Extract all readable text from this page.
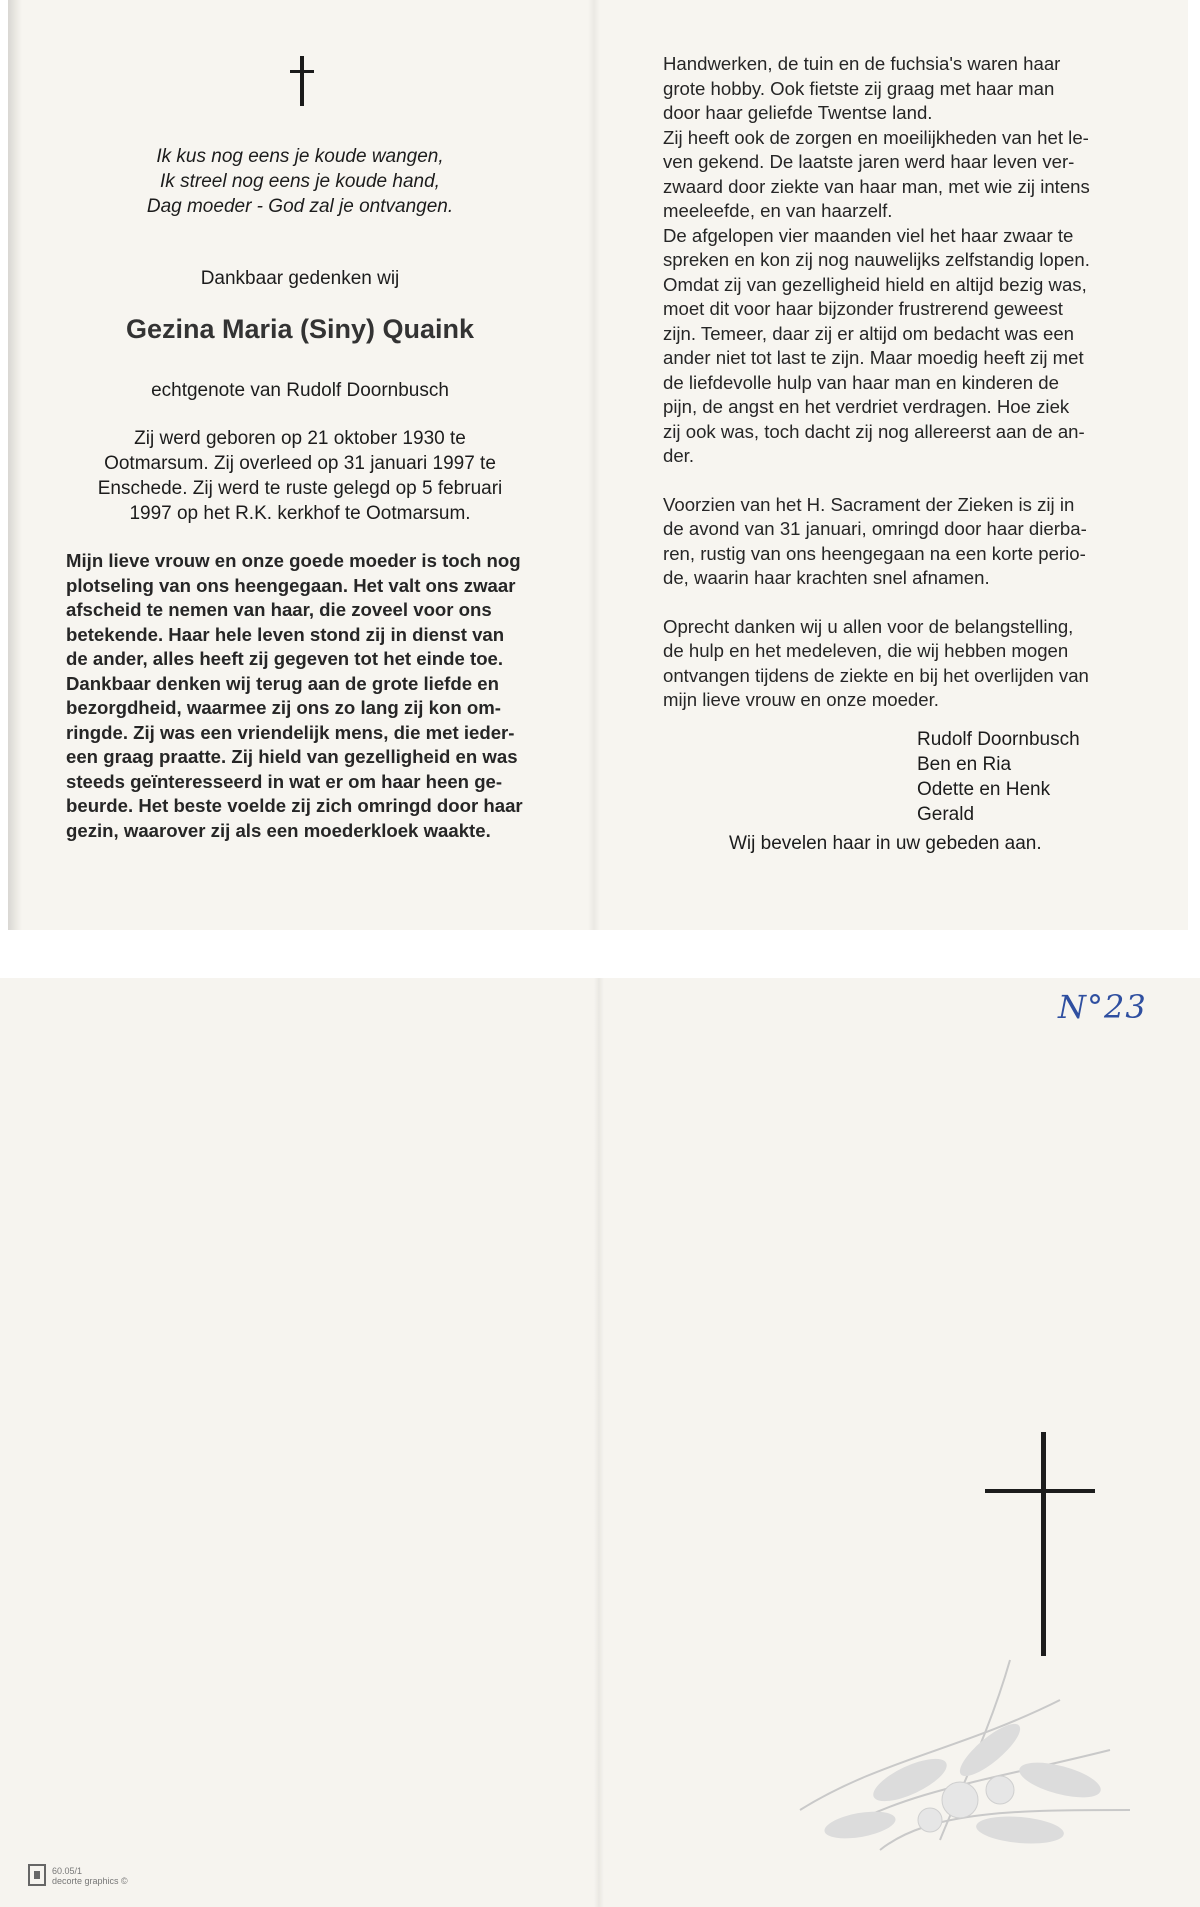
Ik kus nog eens je koude wangen,
Ik streel nog eens je koude hand,
Dag moeder - God zal je ontvangen.
Dankbaar gedenken wij
Gezina Maria (Siny) Quaink
echtgenote van Rudolf Doornbusch
Zij werd geboren op 21 oktober 1930 te
Ootmarsum. Zij overleed op 31 januari 1997 te
Enschede. Zij werd te ruste gelegd op 5 februari
1997 op het R.K. kerkhof te Ootmarsum.
Mijn lieve vrouw en onze goede moeder is toch nog
plotseling van ons heengegaan. Het valt ons zwaar
afscheid te nemen van haar, die zoveel voor ons
betekende. Haar hele leven stond zij in dienst van
de ander, alles heeft zij gegeven tot het einde toe.
Dankbaar denken wij terug aan de grote liefde en
bezorgdheid, waarmee zij ons zo lang zij kon om-
ringde. Zij was een vriendelijk mens, die met ieder-
een graag praatte. Zij hield van gezelligheid en was
steeds geïnteresseerd in wat er om haar heen ge-
beurde. Het beste voelde zij zich omringd door haar
gezin, waarover zij als een moederkloek waakte.
Handwerken, de tuin en de fuchsia's waren haar
grote hobby. Ook fietste zij graag met haar man
door haar geliefde Twentse land.
Zij heeft ook de zorgen en moeilijkheden van het le-
ven gekend. De laatste jaren werd haar leven ver-
zwaard door ziekte van haar man, met wie zij intens
meeleefde, en van haarzelf.
De afgelopen vier maanden viel het haar zwaar te
spreken en kon zij nog nauwelijks zelfstandig lopen.
Omdat zij van gezelligheid hield en altijd bezig was,
moet dit voor haar bijzonder frustrerend geweest
zijn. Temeer, daar zij er altijd om bedacht was een
ander niet tot last te zijn. Maar moedig heeft zij met
de liefdevolle hulp van haar man en kinderen de
pijn, de angst en het verdriet verdragen. Hoe ziek
zij ook was, toch dacht zij nog allereerst aan de an-
der.
Voorzien van het H. Sacrament der Zieken is zij in
de avond van 31 januari, omringd door haar dierba-
ren, rustig van ons heengegaan na een korte perio-
de, waarin haar krachten snel afnamen.
Oprecht danken wij u allen voor de belangstelling,
de hulp en het medeleven, die wij hebben mogen
ontvangen tijdens de ziekte en bij het overlijden van
mijn lieve vrouw en onze moeder.
Rudolf Doornbusch
Ben en Ria
Odette en Henk
Gerald
Wij bevelen haar in uw gebeden aan.
N°23
60.05/1
decorte graphics ©
